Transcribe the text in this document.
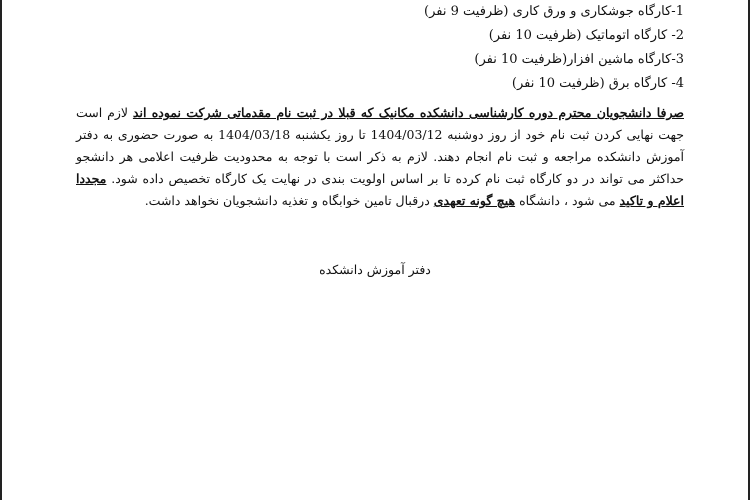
1-کارگاه جوشکاری و ورق کاری (ظرفیت 9 نفر)
2- کارگاه اتوماتیک (ظرفیت 10 نفر)
3-کارگاه ماشین افزار(ظرفیت 10 نفر)
4- کارگاه برق (ظرفیت 10 نفر)
صرفا دانشجویان محترم دوره کارشناسی دانشکده مکانیک که قبلا در ثبت نام مقدماتی شرکت نموده اند لازم است جهت نهایی کردن ثبت نام خود از روز دوشنبه 1404/03/12 تا روز یکشنبه 1404/03/18 به صورت حضوری به دفتر آموزش دانشکده مراجعه و ثبت نام انجام دهند. لازم به ذکر است با توجه به محدودیت ظرفیت اعلامی هر دانشجو حداکثر می تواند در دو کارگاه ثبت نام کرده تا بر اساس اولویت بندی در نهایت یک کارگاه تخصیص داده شود. مجددا اعلام و تاکید می شود ، دانشگاه هیچ گونه تعهدی درقبال تامین خوابگاه و تغذیه دانشجویان نخواهد داشت.
دفتر آموزش دانشکده
